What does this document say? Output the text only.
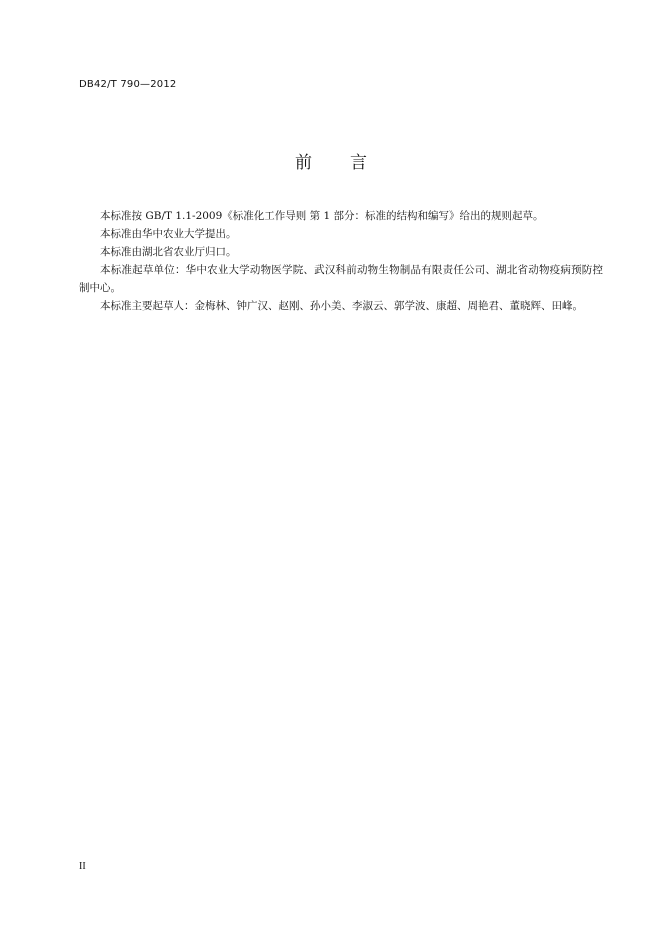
DB42/T 790—2012
前言

本标准按 GB/T 1.1-2009《标准化工作导则 第 1 部分：标准的结构和编写》给出的规则起草。

本标准由华中农业大学提出。

本标准由湖北省农业厅归口。

本标准起草单位：华中农业大学动物医学院、武汉科前动物生物制品有限责任公司、湖北省动物疫病预防控制中心。

本标准主要起草人：金梅林、钟广汉、赵刚、孙小美、李淑云、郭学波、康超、周艳君、董晓辉、田峰。

II
